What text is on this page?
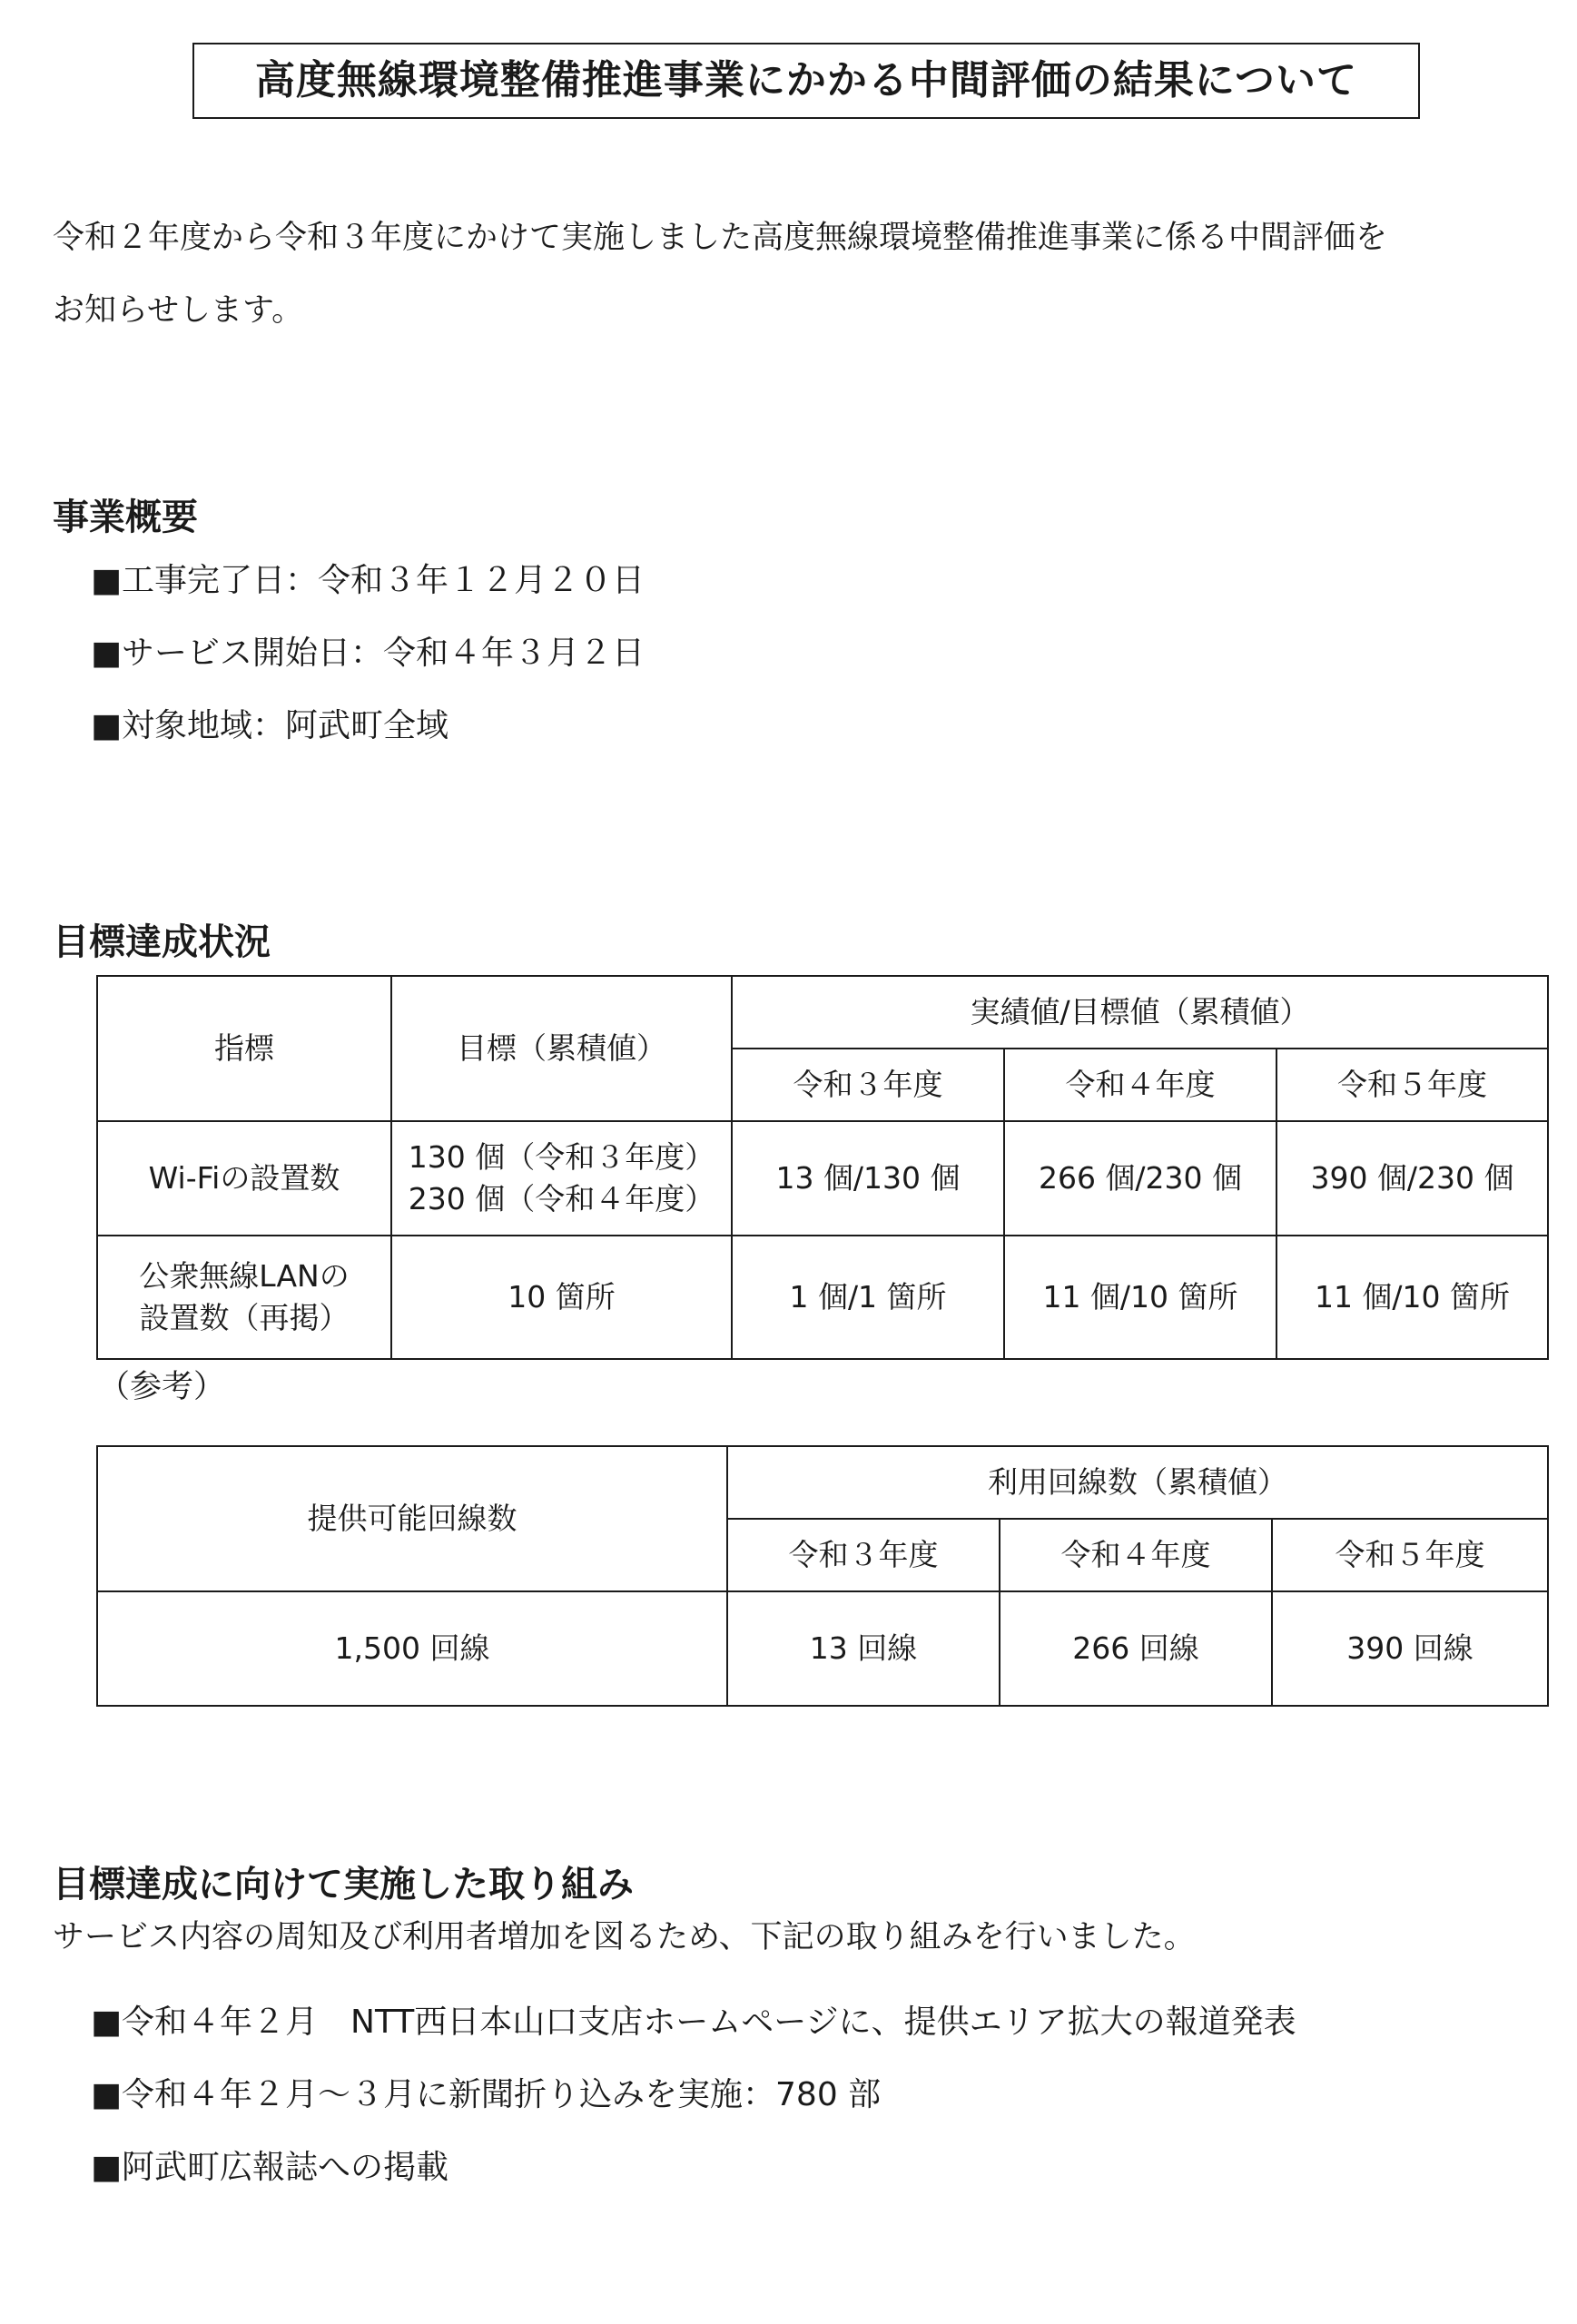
高度無線環境整備推進事業にかかる中間評価の結果について

令和２年度から令和３年度にかけて実施しました高度無線環境整備推進事業に係る中間評価を
お知らせします。

事業概要
■工事完了日：令和３年１２月２０日
■サービス開始日：令和４年３月２日
■対象地域：阿武町全域
目標達成状況
指標	目標（累積値）	実績値/目標値（累積値）		
		令和３年度	令和４年度	令和５年度
Wi-Fiの設置数	130 個（令和３年度）
230 個（令和４年度）	13 個/130 個	266 個/230 個	390 個/230 個

公衆無線LANの
設置数（再掲）	10 箇所	1 個/1 箇所	11 個/10 箇所	11 個/10 箇所

（参考）

提供可能回線数	利用回線数（累積値）		
	令和３年度	令和４年度	令和５年度
1,500 回線	13 回線	266 回線	390 回線
目標達成に向けて実施した取り組み

サービス内容の周知及び利用者増加を図るため、下記の取り組みを行いました。

■令和４年２月　NTT西日本山口支店ホームページに、提供エリア拡大の報道発表
■令和４年２月～３月に新聞折り込みを実施：780 部
■阿武町広報誌への掲載
